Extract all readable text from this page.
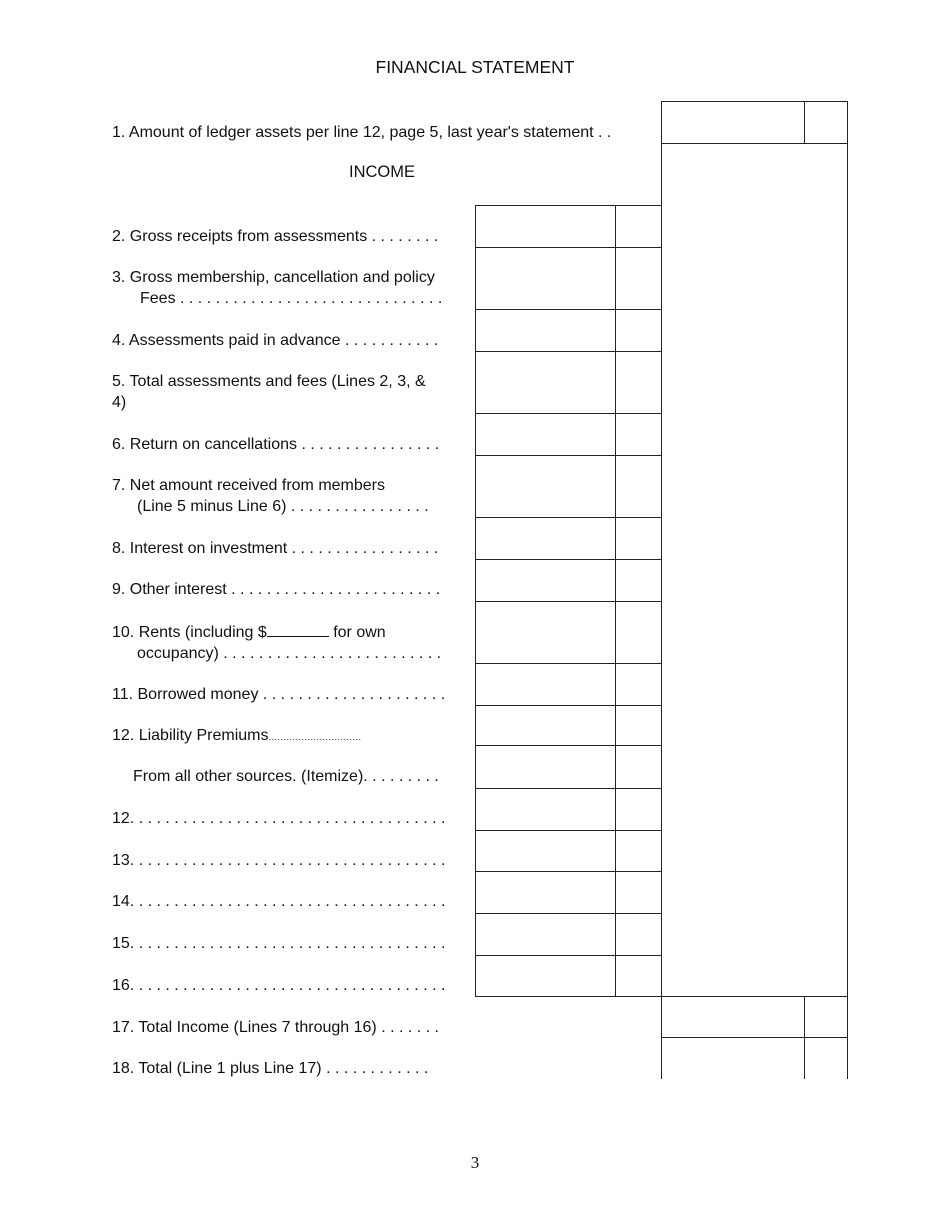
FINANCIAL STATEMENT
1. Amount of ledger assets per line 12, page 5, last year's statement . .
INCOME
2. Gross receipts from assessments . . . . . . . .
3. Gross membership, cancellation and policy
Fees . . . . . . . . . . . . . . . . . . . . . . . . . . . . . .
4. Assessments paid in advance . . . . . . . . . . .
5. Total assessments and fees (Lines 2, 3, &
4)
6. Return on cancellations . . . . . . . . . . . . . . . .
7. Net amount received from members
(Line 5 minus Line 6) . . . . . . . . . . . . . . . .
8. Interest on investment . . . . . . . . . . . . . . . . .
9. Other interest . . . . . . . . . . . . . . . . . . . . . . . .
10. Rents (including $	for own
occupancy) . . . . . . . . . . . . . . . . . . . . . . . . .
11. Borrowed money . . . . . . . . . . . . . . . . . . . . .
12. Liability Premiums...............................
From all other sources. (Itemize). . . . . . . . .
12. . . . . . . . . . . . . . . . . . . . . . . . . . . . . . . . . . . .
13. . . . . . . . . . . . . . . . . . . . . . . . . . . . . . . . . . . .
14. . . . . . . . . . . . . . . . . . . . . . . . . . . . . . . . . . . .
15. . . . . . . . . . . . . . . . . . . . . . . . . . . . . . . . . . . .
16. . . . . . . . . . . . . . . . . . . . . . . . . . . . . . . . . . . .
17. Total Income (Lines 7 through 16) . . . . . . .
18. Total (Line 1 plus Line 17) . . . . . . . . . . . .
3
